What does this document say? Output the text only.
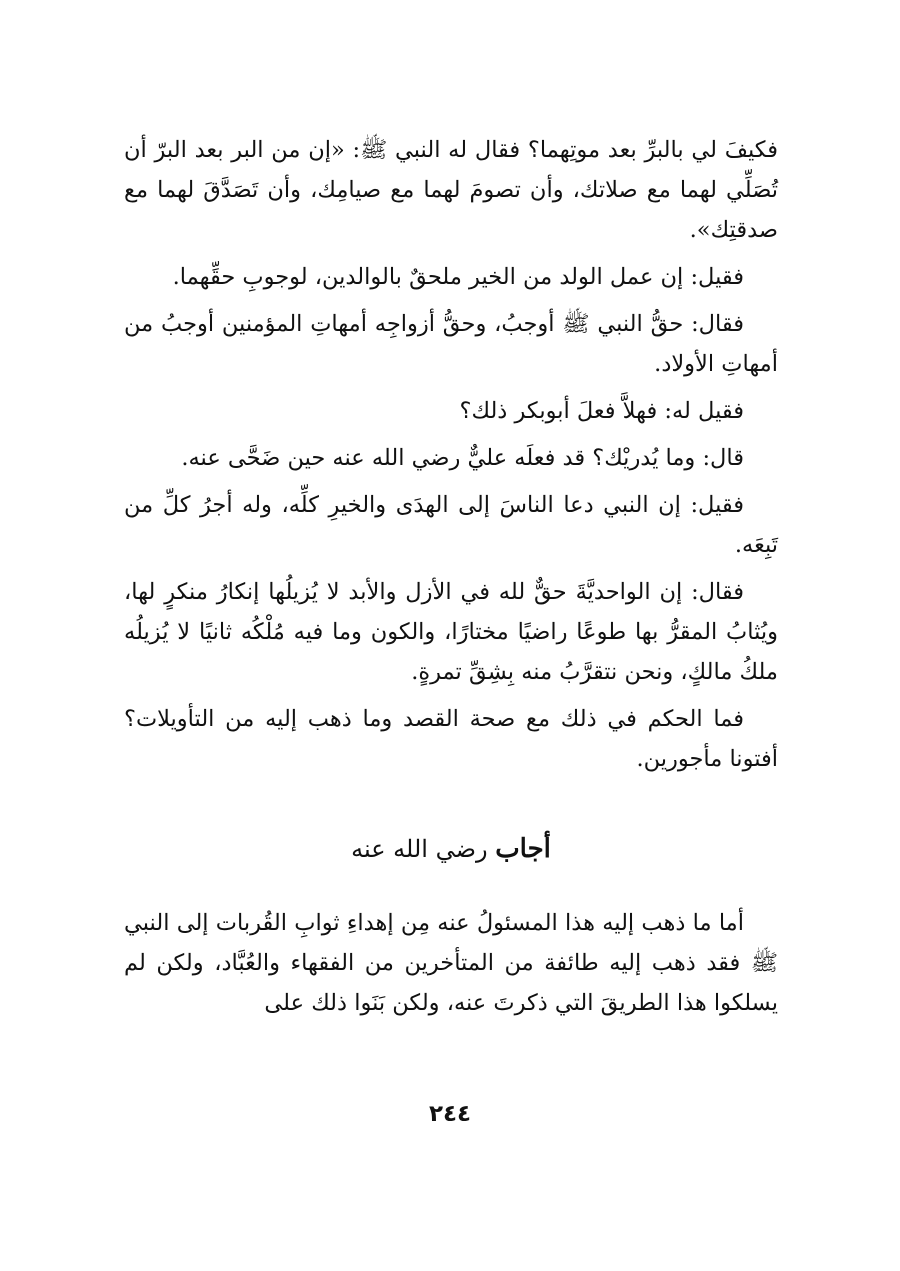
فكيفَ لي بالبرِّ بعد موتِهما؟ فقال له النبي ﷺ: «إن من البر بعد البرّ أن تُصَلِّي لهما مع صلاتك، وأن تصومَ لهما مع صيامِك، وأن تَصَدَّقَ لهما مع صدقتِك».

فقيل: إن عمل الولد من الخير ملحقٌ بالوالدين، لوجوبِ حقِّهما.

فقال: حقُّ النبي ﷺ أوجبُ، وحقُّ أزواجِه أمهاتِ المؤمنين أوجبُ من أمهاتِ الأولاد.

فقيل له: فهلاَّ فعلَ أبوبكر ذلك؟

قال: وما يُدريْك؟ قد فعلَه عليٌّ رضي الله عنه حين ضَحَّى عنه.

فقيل: إن النبي دعا الناسَ إلى الهدَى والخيرِ كلِّه، وله أجرُ كلِّ من تَبِعَه.

فقال: إن الواحديَّةَ حقٌّ لله في الأزل والأبد لا يُزيلُها إنكارُ منكرٍ لها، ويُثابُ المقرُّ بها طوعًا راضيًا مختارًا، والكون وما فيه مُلْكُه ثانيًا لا يُزيلُه ملكُ مالكٍ، ونحن نتقرَّبُ منه بِشِقِّ تمرةٍ.

فما الحكم في ذلك مع صحة القصد وما ذهب إليه من التأويلات؟ أفتونا مأجورين.

أجاب رضي الله عنه

أما ما ذهب إليه هذا المسئولُ عنه مِن إهداءِ ثوابِ القُربات إلى النبي ﷺ فقد ذهب إليه طائفة من المتأخرين من الفقهاء والعُبَّاد، ولكن لم يسلكوا هذا الطريقَ التي ذكرتَ عنه، ولكن بَنَوا ذلك على

٢٤٤
